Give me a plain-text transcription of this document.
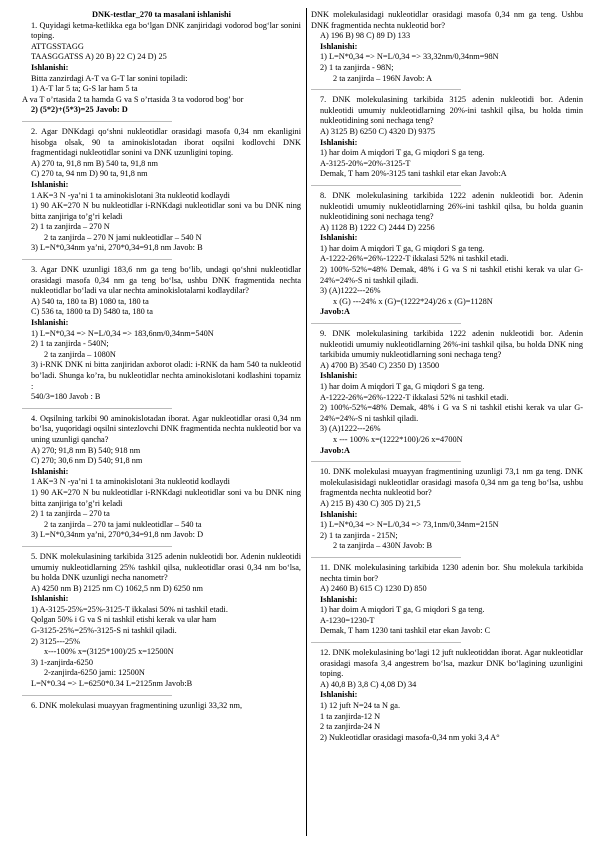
DNK-testlar_270 ta masalani ishlanishi

1. Quyidagi ketma-ketlikka ega bo‘lgan DNK zanjiridagi vodorod bog‘lar sonini toping.

ATTGSSTAGG

TAASGGATSS A) 20 B) 22 C) 24 D) 25

Ishlanishi:

Bitta zanzirdagi A-T va G-T lar sonini topiladi:

1) A-T lar 5 ta; G-S lar ham 5 ta

A va T o’rtasida 2 ta hamda G va S o’rtasida 3 ta vodorod bog’ bor

2) (5*2)+(5*3)=25 Javob: D

2. Agar DNKdagi qo‘shni nukleotidlar orasidagi masofa 0,34 nm ekanligini hisobga olsak, 90 ta aminokislotadan iborat oqsilni kodlovchi DNK fragmentidagi nukleotidlar sonini va DNK uzunligini toping.

A) 270 ta, 91,8 nm B) 540 ta, 91,8 nm

C) 270 ta, 94 nm D) 90 ta, 91,8 nm

Ishlanishi:

1 AK=3 N -ya’ni 1 ta aminokislotani 3ta nukleotid kodlaydi

1) 90 AK=270 N bu nukleotidlar i-RNKdagi nukleotidlar soni va bu DNK ning bitta zanjiriga to’g’ri keladi

2) 1 ta zanjirda – 270 N

2 ta zanjirda – 270 N jami nukleotidlar – 540 N

3) L=N*0,34nm ya’ni, 270*0,34=91,8 nm Javob: B

3. Agar DNK uzunligi 183,6 nm ga teng bo‘lib, undagi qo‘shni nukleotidlar orasidagi masofa 0,34 nm ga teng bo‘lsa, ushbu DNK fragmentida nechta nukleotidlar bo‘ladi va ular nechta aminokislotalarni kodlaydilar?

A) 540 ta, 180 ta B) 1080 ta, 180 ta

C) 536 ta, 1800 ta D) 5480 ta, 180 ta

Ishlanishi:

1) L=N*0,34 => N=L/0,34 => 183,6nm/0,34nm=540N

2) 1 ta zanjirda - 540N;

2 ta zanjirda – 1080N

3) i-RNK DNK ni bitta zanjiridan axborot oladi: i-RNK da ham 540 ta nukleotid bo’ladi. Shunga ko’ra, bu nukleotidlar nechta aminokislotani kodlashini topamiz :

540/3=180 Javob : B

4. Oqsilning tarkibi 90 aminokislotadan iborat. Agar nukleotidlar orasi 0,34 nm bo‘lsa, yuqoridagi oqsilni sintezlovchi DNK fragmentida nechta nukleotid bor va uning uzunligi qancha?

A) 270; 91,8 nm B) 540; 918 nm

C) 270; 30,6 nm D) 540; 91,8 nm

Ishlanishi:

1 AK=3 N -ya’ni 1 ta aminokislotani 3ta nukleotid kodlaydi

1) 90 AK=270 N bu nukleotidlar i-RNKdagi nukleotidlar soni va bu DNK ning bitta zanjiriga to’g’ri keladi

2) 1 ta zanjirda – 270 ta

2 ta zanjirda – 270 ta jami nukleotidlar – 540 ta

3) L=N*0,34nm ya’ni, 270*0,34=91,8 nm Javob: D

5. DNK molekulasining tarkibida 3125 adenin nukleotidi bor. Adenin nukleotidi umumiy nukleotidlarning 25% tashkil qilsa, nukleotidlar orasi 0,34 nm bo‘lsa, bu holda DNK uzunligi necha nanometr?

A) 4250 nm B) 2125 nm C) 1062,5 nm D) 6250 nm

Ishlanishi:

1) A-3125-25%=25%-3125-T ikkalasi 50% ni tashkil etadi.

Qolgan 50% i G va S ni tashkil etishi kerak va ular ham

G-3125-25%=25%-3125-S ni tashkil qiladi.

2) 3125---25%

x---100% x=(3125*100)/25 x=12500N

3) 1-zanjirda-6250

2-zanjirda-6250 jami: 12500N

L=N*0.34 => L=6250*0.34 L=2125nm Javob:B

6. DNK molekulasi muayyan fragmentining uzunligi 33,32 nm,

DNK molekulasidagi nukleotidlar orasidagi masofa 0,34 nm ga teng. Ushbu DNK fragmentida nechta nukleotid bor?

A) 196 B) 98 C) 89 D) 133

Ishlanishi:

1) L=N*0,34 => N=L/0,34 => 33,32nm/0,34nm=98N

2) 1 ta zanjirda - 98N;

2 ta zanjirda – 196N Javob: A

7. DNK molekulasining tarkibida 3125 adenin nukleotidi bor. Adenin nukleotidi umumiy nukleotidlarning 20%-ini tashkil qilsa, bu holda timin nukleotidining soni nechaga teng?

A) 3125 B) 6250 C) 4320 D) 9375

Ishlanishi:

1) har doim A miqdori T ga, G miqdori S ga teng.

A-3125-20%=20%-3125-T

Demak, T ham 20%-3125 tani tashkil etar ekan Javob:A

8. DNK molekulasining tarkibida 1222 adenin nukleotidi bor. Adenin nukleotidi umumiy nukleotidlarning 26%-ini tashkil qilsa, bu holda guanin nukleotidining soni nechaga teng?

A) 1128 B) 1222 C) 2444 D) 2256

Ishlanishi:

1) har doim A miqdori T ga, G miqdori S ga teng.

A-1222-26%=26%-1222-T ikkalasi 52% ni tashkil etadi.

2) 100%-52%=48% Demak, 48% i G va S ni tashkil etishi kerak va ular G-24%=24%-S ni tashkil qiladi.

3) (A)1222---26%

x (G) ---24% x (G)=(1222*24)/26 x (G)=1128N

Javob:A

9. DNK molekulasining tarkibida 1222 adenin nukleotidi bor. Adenin nukleotidi umumiy nukleotidlarning 26%-ini tashkil qilsa, bu holda DNK ning tarkibida umumiy nukleotidlarning soni nechaga teng?

A) 4700 B) 3540 C) 2350 D) 13500

Ishlanishi:

1) har doim A miqdori T ga, G miqdori S ga teng.

A-1222-26%=26%-1222-T ikkalasi 52% ni tashkil etadi.

2) 100%-52%=48% Demak, 48% i G va S ni tashkil etishi kerak va ular G-24%=24%-S ni tashkil qiladi.

3) (A)1222---26%

x --- 100% x=(1222*100)/26 x=4700N

Javob:A

10. DNK molekulasi muayyan fragmentining uzunligi 73,1 nm ga teng. DNK molekulasisidagi nukleotidlar orasidagi masofa 0,34 nm ga teng bo‘lsa, ushbu fragmentda nechta nukleotid bor?

A) 215 B) 430 C) 305 D) 21,5

Ishlanishi:

1) L=N*0,34 => N=L/0,34 => 73,1nm/0,34nm=215N

2) 1 ta zanjirda - 215N;

2 ta zanjirda – 430N Javob: B

11. DNK molekulasining tarkibida 1230 adenin bor. Shu molekula tarkibida nechta timin bor?

A) 2460 B) 615 C) 1230 D) 850

Ishlanishi:

1) har doim A miqdori T ga, G miqdori S ga teng.

A-1230=1230-T

Demak, T ham 1230 tani tashkil etar ekan Javob: C

12. DNK molekulasining bo‘lagi 12 juft nukleotiddan iborat. Agar nukleotidlar orasidagi masofa 3,4 angestrem bo‘lsa, mazkur DNK bo‘lagining uzunligini toping.

A) 40,8 B) 3,8 C) 4,08 D) 34

Ishlanishi:

1) 12 juft N=24 ta N ga.

1 ta zanjirda-12 N

2 ta zanjirda-24 N

2) Nukleotidlar orasidagi masofa-0,34 nm yoki 3,4 A°
